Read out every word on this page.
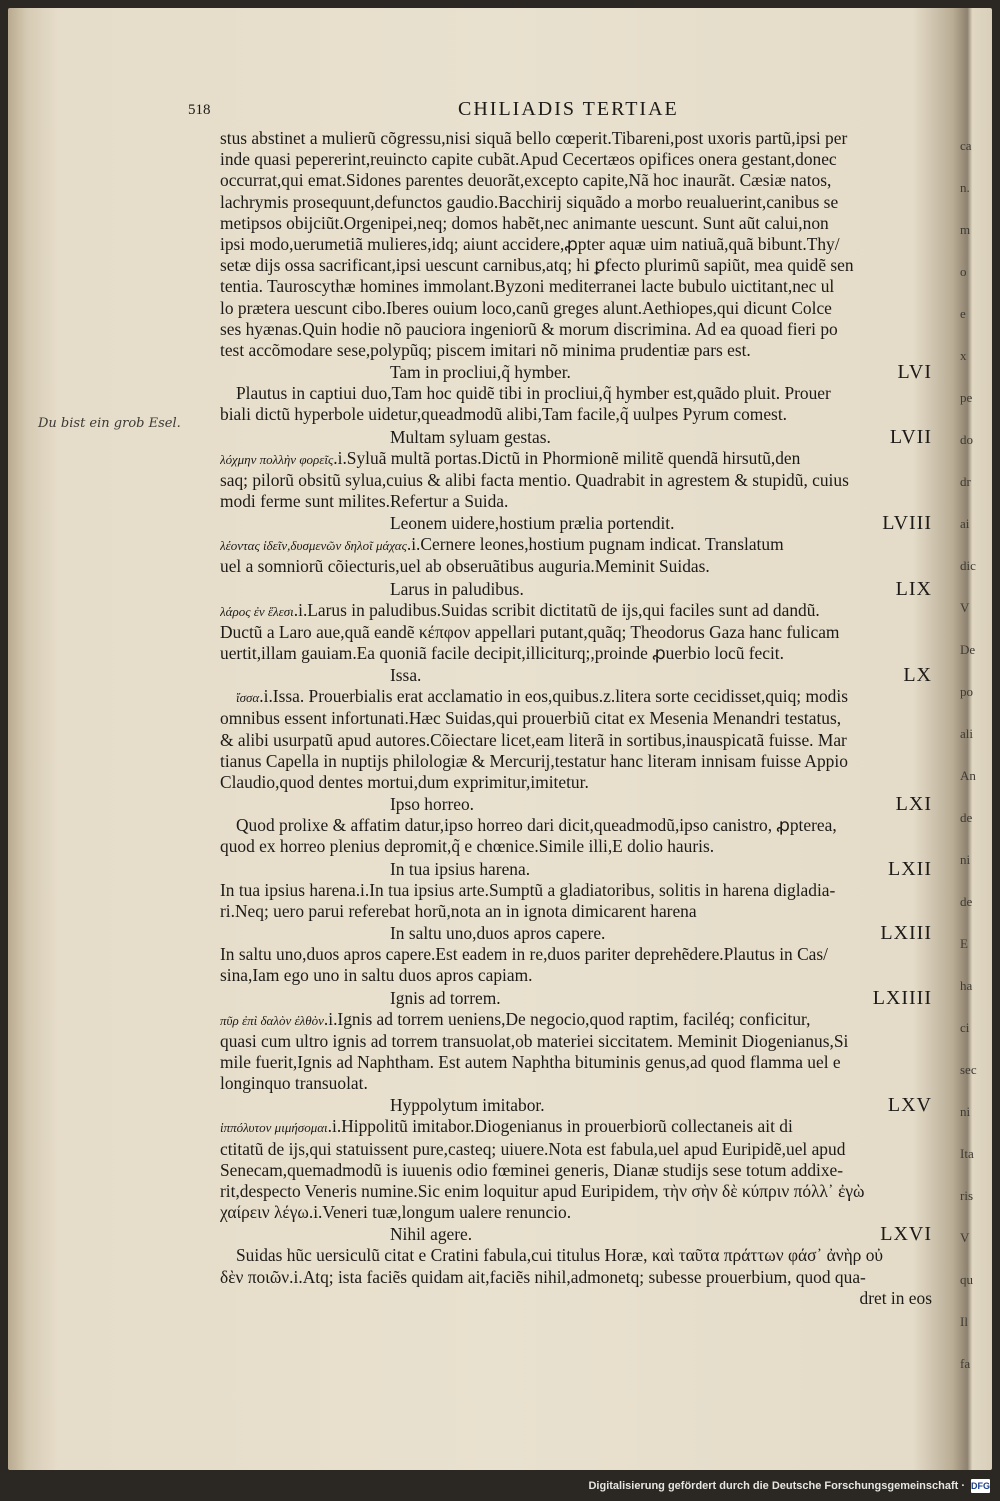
518	CHILIADIS TERTIAE
Du bist ein grob Esel.
stus abstinet a mulierũ cõgressu,nisi siquã bello cœperit.Tibareni,post uxoris partũ,ipsi per
inde quasi pepererint,reuincto capite cubãt.Apud Cecertæos opifices onera gestant,donec
occurrat,qui emat.Sidones parentes deuorãt,excepto capite,Nã hoc inaurãt. Cæsiæ natos,
lachrymis prosequunt,defunctos gaudio.Bacchirij siquãdo a morbo reualuerint,canibus se
metipsos obijciũt.Orgenipei,neq; domos habẽt,nec animante uescunt. Sunt aũt calui,non
ipsi modo,uerumetiã mulieres,idq; aiunt accidere,ꝓpter aquæ uim natiuã,quã bibunt.Thy/
setæ dijs ossa sacrificant,ipsi uescunt carnibus,atq; hi ꝑfecto plurimũ sapiũt, mea quidẽ sen
tentia. Tauroscythæ homines immolant.Byzoni mediterranei lacte bubulo uictitant,nec ul
lo prætera uescunt cibo.Iberes ouium loco,canũ greges alunt.Aethiopes,qui dicunt Colce
ses hyænas.Quin hodie nõ pauciora ingeniorũ & morum discrimina. Ad ea quoad fieri po
test accõmodare sese,polypũq; piscem imitari nõ minima prudentiæ pars est.
Tam in procliui,q̃ hymber.	LVI
Plautus in captiui duo,Tam hoc quidẽ tibi in procliui,q̃ hymber est,quãdo pluit. Prouer
biali dictũ hyperbole uidetur,queadmodũ alibi,Tam facile,q̃ uulpes Pyrum comest.
Multam syluam gestas.	LVII
λόχμην πολλὴν φορεῖς.i.Syluã multã portas.Dictũ in Phormionẽ militẽ quendã hirsutũ,den
saq; pilorũ obsitũ sylua,cuius & alibi facta mentio. Quadrabit in agrestem & stupidũ, cuius
modi ferme sunt milites.Refertur a Suida.
Leonem uidere,hostium prælia portendit.	LVIII
λέοντας ἰδεῖν,δυσμενῶν δηλοῖ μάχας.i.Cernere leones,hostium pugnam indicat. Translatum
uel a somniorũ cõiecturis,uel ab obseruãtibus auguria.Meminit Suidas.
Larus in paludibus.	LIX
λάρος ἐν ἕλεσι.i.Larus in paludibus.Suidas scribit dictitatũ de ijs,qui faciles sunt ad dandũ.
Ductũ a Laro aue,quã eandẽ κέπφον appellari putant,quãq; Theodorus Gaza hanc fulicam
uertit,illam gauiam.Ea quoniã facile decipit,illiciturq;,proinde ꝓuerbio locũ fecit.
Issa.	LX
ἴσσα.i.Issa. Prouerbialis erat acclamatio in eos,quibus.z.litera sorte cecidisset,quiq; modis
omnibus essent infortunati.Hæc Suidas,qui prouerbiũ citat ex Mesenia Menandri testatus,
& alibi usurpatũ apud autores.Cõiectare licet,eam literã in sortibus,inauspicatã fuisse. Mar
tianus Capella in nuptijs philologiæ & Mercurij,testatur hanc literam innisam fuisse Appio
Claudio,quod dentes mortui,dum exprimitur,imitetur.
Ipso horreo.	LXI
Quod prolixe & affatim datur,ipso horreo dari dicit,queadmodũ,ipso canistro, ꝓpterea,
quod ex horreo plenius depromit,q̃ e chœnice.Simile illi,E dolio hauris.
In tua ipsius harena.	LXII
In tua ipsius harena.i.In tua ipsius arte.Sumptũ a gladiatoribus, solitis in harena digladia-
ri.Neq; uero parui referebat horũ,nota an in ignota dimicarent harena
In saltu uno,duos apros capere.	LXIII
In saltu uno,duos apros capere.Est eadem in re,duos pariter deprehẽdere.Plautus in Cas/
sina,Iam ego uno in saltu duos apros capiam.
Ignis ad torrem.	LXIIII
πῦρ ἐπὶ δαλὸν ἐλθὸν.i.Ignis ad torrem ueniens,De negocio,quod raptim, faciléq; conficitur,
quasi cum ultro ignis ad torrem transuolat,ob materiei siccitatem. Meminit Diogenianus,Si
mile fuerit,Ignis ad Naphtham. Est autem Naphtha bituminis genus,ad quod flamma uel e
longinquo transuolat.
Hyppolytum imitabor.	LXV
ἱππόλυτον μιμήσομαι.i.Hippolitũ imitabor.Diogenianus in prouerbiorũ collectaneis ait di
ctitatũ de ijs,qui statuissent pure,casteq; uiuere.Nota est fabula,uel apud Euripidẽ,uel apud
Senecam,quemadmodũ is iuuenis odio fœminei generis, Dianæ studijs sese totum addixe-
rit,despecto Veneris numine.Sic enim loquitur apud Euripidem, τὴν σὴν δὲ κύπριν πόλλ᾽ ἐγὼ
χαίρειν λέγω.i.Veneri tuæ,longum ualere renuncio.
Nihil agere.	LXVI
Suidas hũc uersiculũ citat e Cratini fabula,cui titulus Horæ, καὶ ταῦτα πράττων φάσ᾽ ἀνὴρ οὐ
δὲν ποιῶν.i.Atq; ista faciẽs quidam ait,faciẽs nihil,admonetq; subesse prouerbium, quod qua-
dret in eos
ca
n.
m
o
e
x
pe
do
dr
ai
dic
V
De
po
ali
An
de
ni
de
E
ha
ci
sec
ni
Ita
ris
V
qu
Il
fa
Digitalisierung gefördert durch die Deutsche Forschungsgemeinschaft · DFG
